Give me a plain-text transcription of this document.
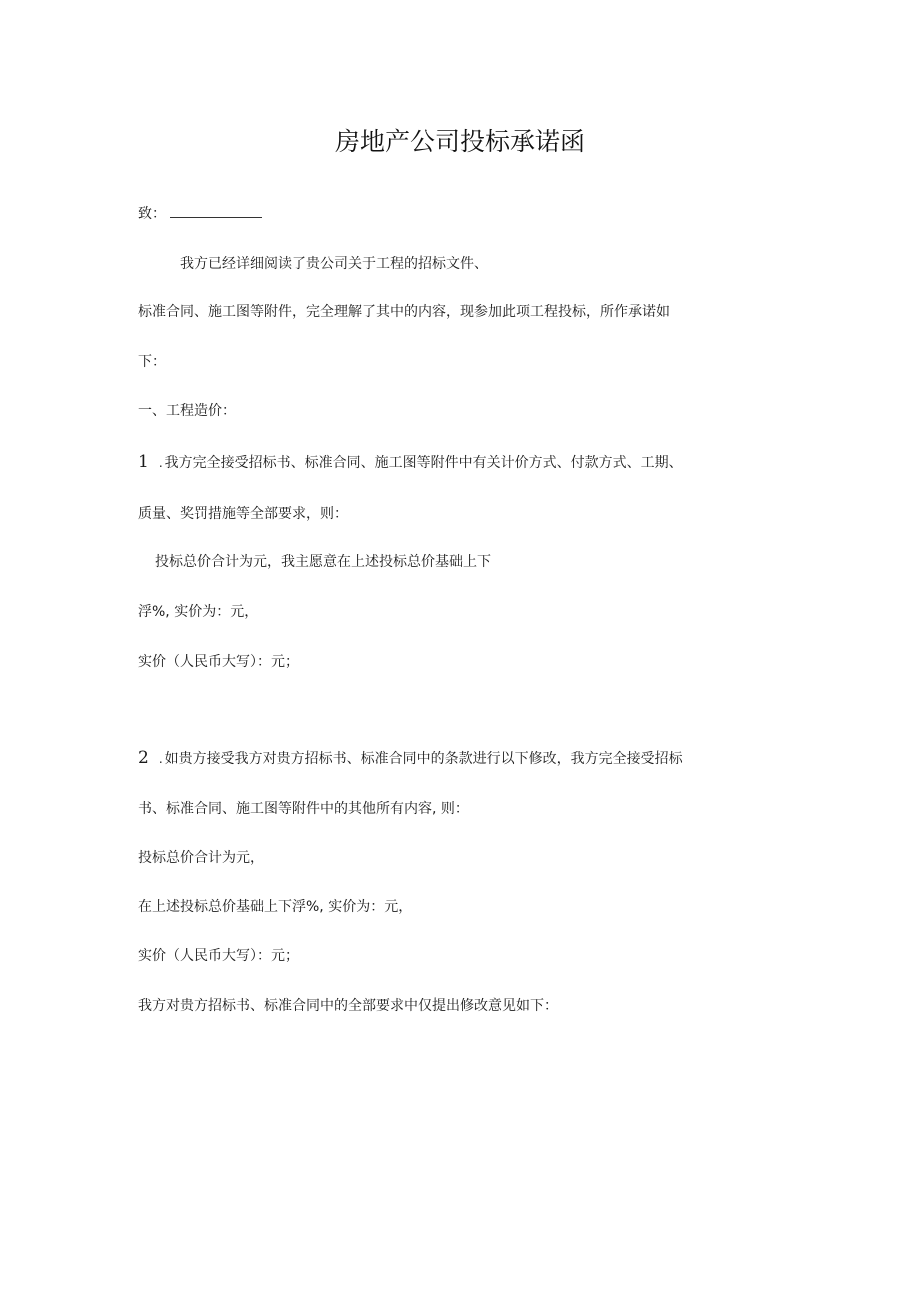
房地产公司投标承诺函
致：
我方已经详细阅读了贵公司关于工程的招标文件、
标准合同、施工图等附件，完全理解了其中的内容，现参加此项工程投标，所作承诺如
下：
一、工程造价：
1 . 我方完全接受招标书、标准合同、施工图等附件中有关计价方式、付款方式、工期、
质量、奖罚措施等全部要求，则：
投标总价合计为元，我主愿意在上述投标总价基础上下
浮%, 实价为：元，
实价（人民币大写）：元；
2 . 如贵方接受我方对贵方招标书、标准合同中的条款进行以下修改，我方完全接受招标
书、标准合同、施工图等附件中的其他所有内容, 则：
投标总价合计为元，
在上述投标总价基础上下浮%, 实价为：元，
实价（人民币大写）：元；
我方对贵方招标书、标准合同中的全部要求中仅提出修改意见如下：
